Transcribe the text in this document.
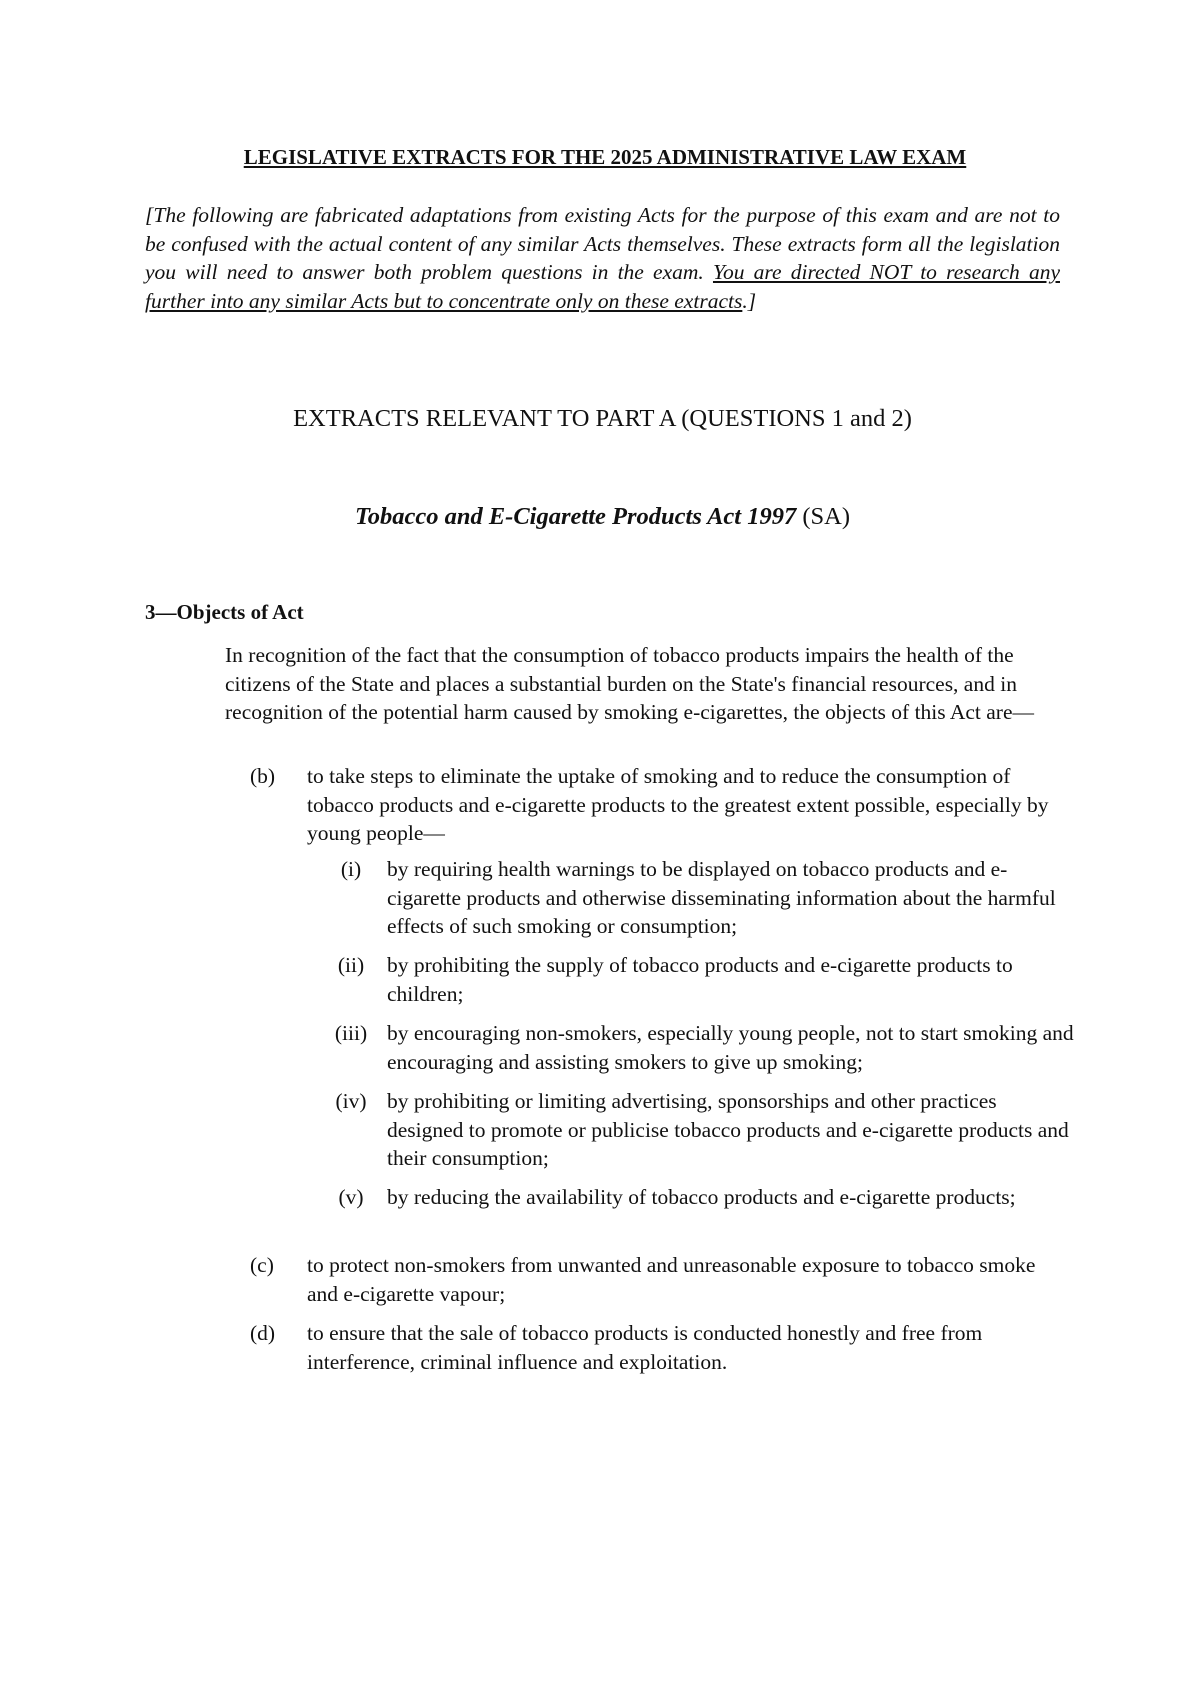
LEGISLATIVE EXTRACTS FOR THE 2025 ADMINISTRATIVE LAW EXAM
[The following are fabricated adaptations from existing Acts for the purpose of this exam and are not to be confused with the actual content of any similar Acts themselves. These extracts form all the legislation you will need to answer both problem questions in the exam. You are directed NOT to research any further into any similar Acts but to concentrate only on these extracts.]
EXTRACTS RELEVANT TO PART A (QUESTIONS 1 and 2)
Tobacco and E-Cigarette Products Act 1997 (SA)
3—Objects of Act
In recognition of the fact that the consumption of tobacco products impairs the health of the citizens of the State and places a substantial burden on the State's financial resources, and in recognition of the potential harm caused by smoking e-cigarettes, the objects of this Act are—
(b) to take steps to eliminate the uptake of smoking and to reduce the consumption of tobacco products and e-cigarette products to the greatest extent possible, especially by young people—
(i)	by requiring health warnings to be displayed on tobacco products and e-cigarette products and otherwise disseminating information about the harmful effects of such smoking or consumption;
(ii)	by prohibiting the supply of tobacco products and e-cigarette products to children;
(iii) by encouraging non-smokers, especially young people, not to start smoking and encouraging and assisting smokers to give up smoking;
(iv) by prohibiting or limiting advertising, sponsorships and other practices designed to promote or publicise tobacco products and e-cigarette products and their consumption;
(v)	by reducing the availability of tobacco products and e-cigarette products;
(c) to protect non-smokers from unwanted and unreasonable exposure to tobacco smoke and e-cigarette vapour;
(d) to ensure that the sale of tobacco products is conducted honestly and free from interference, criminal influence and exploitation.
